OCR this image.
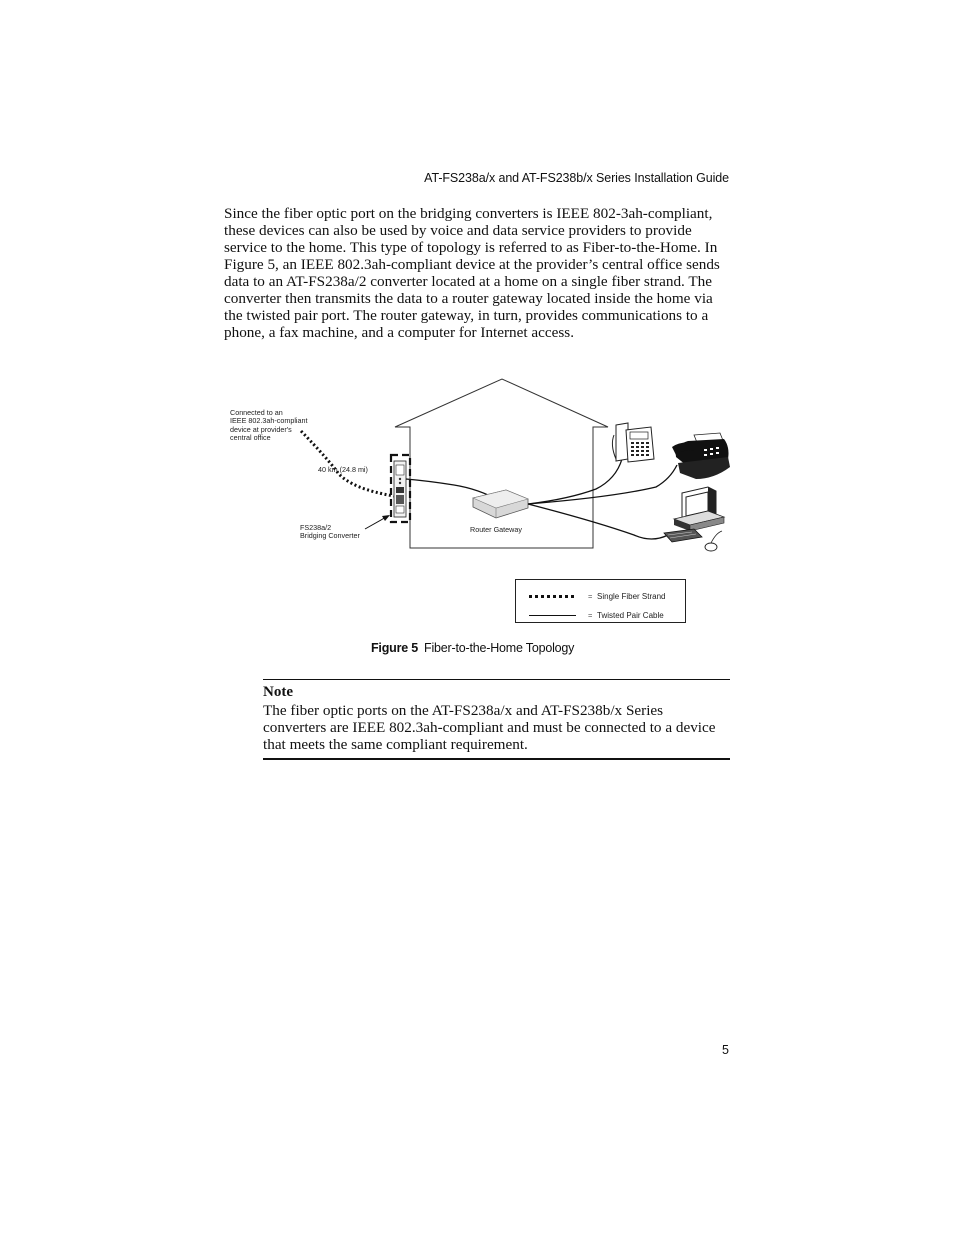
AT-FS238a/x and AT-FS238b/x Series Installation Guide

Since the fiber optic port on the bridging converters is IEEE 802-3ah-compliant, these devices can also be used by voice and data service providers to provide service to the home. This type of topology is referred to as Fiber-to-the-Home. In Figure 5, an IEEE 802.3ah-compliant device at the provider’s central office sends data to an AT-FS238a/2 converter located at a home on a single fiber strand. The converter then transmits the data to a router gateway located inside the home via the twisted pair port. The router gateway, in turn, provides communications to a phone, a fax machine, and a computer for Internet access.

Connected to an
IEEE 802.3ah-compliant
device at provider's
central office
40 km (24.8 mi)
FS238a/2
Bridging Converter
Router Gateway
= Single Fiber Strand
= Twisted Pair Cable
Figure 5 Fiber-to-the-Home Topology

Note

The fiber optic ports on the AT-FS238a/x and AT-FS238b/x Series converters are IEEE 802.3ah-compliant and must be connected to a device that meets the same compliant requirement.

5
